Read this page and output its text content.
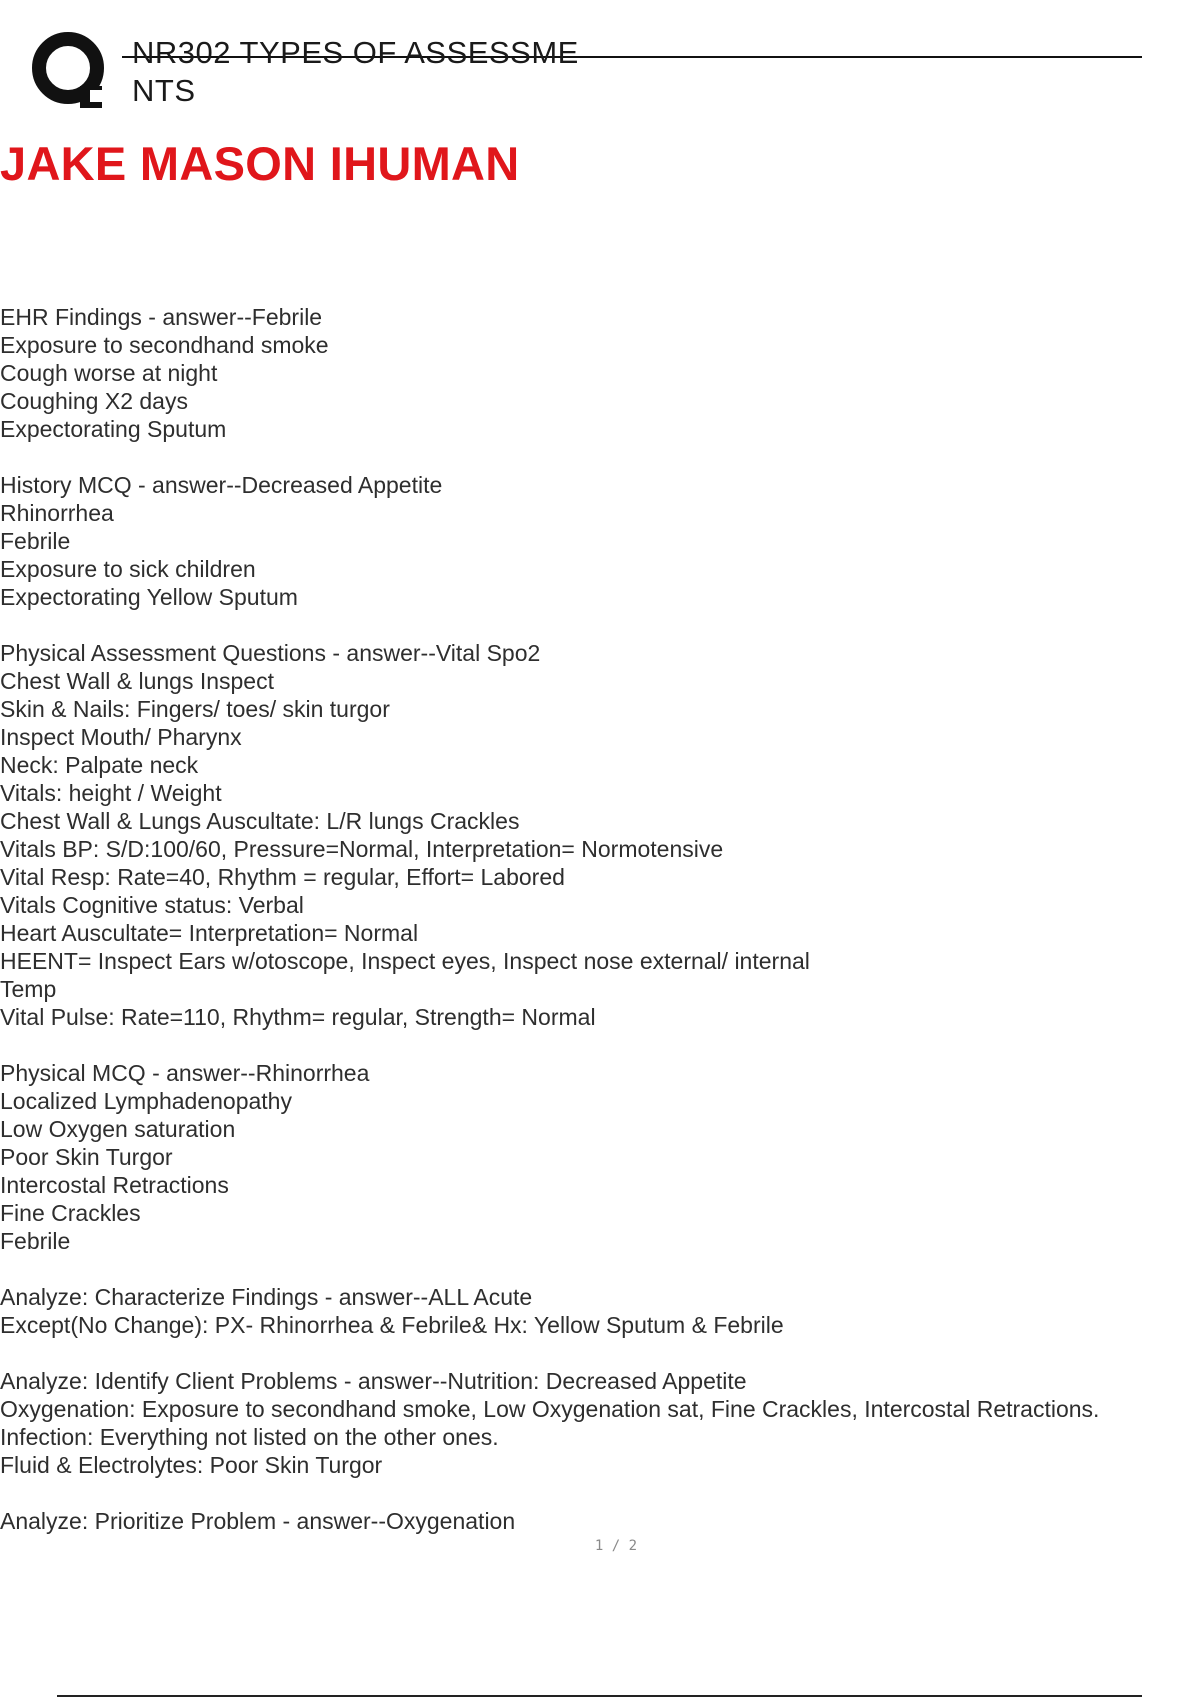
NR302 TYPES OF ASSESSMENTS
JAKE MASON IHUMAN
EHR Findings - answer--Febrile
Exposure to secondhand smoke
Cough worse at night
Coughing X2 days
Expectorating Sputum
History MCQ - answer--Decreased Appetite
Rhinorrhea
Febrile
Exposure to sick children
Expectorating Yellow Sputum
Physical Assessment Questions - answer--Vital Spo2
Chest Wall & lungs Inspect
Skin & Nails: Fingers/ toes/ skin turgor
Inspect Mouth/ Pharynx
Neck: Palpate neck
Vitals: height / Weight
Chest Wall & Lungs Auscultate: L/R lungs Crackles
Vitals BP: S/D:100/60, Pressure=Normal, Interpretation= Normotensive
Vital Resp: Rate=40, Rhythm = regular, Effort= Labored
Vitals Cognitive status: Verbal
Heart Auscultate= Interpretation= Normal
HEENT= Inspect Ears w/otoscope, Inspect eyes, Inspect nose external/ internal
Temp
Vital Pulse: Rate=110, Rhythm= regular, Strength= Normal
Physical MCQ - answer--Rhinorrhea
Localized Lymphadenopathy
Low Oxygen saturation
Poor Skin Turgor
Intercostal Retractions
Fine Crackles
Febrile
Analyze: Characterize Findings - answer--ALL Acute
Except(No Change): PX- Rhinorrhea & Febrile& Hx: Yellow Sputum & Febrile
Analyze: Identify Client Problems - answer--Nutrition: Decreased Appetite
Oxygenation: Exposure to secondhand smoke, Low Oxygenation sat, Fine Crackles, Intercostal Retractions.
Infection: Everything not listed on the other ones.
Fluid & Electrolytes: Poor Skin Turgor
Analyze: Prioritize Problem - answer--Oxygenation
1 / 2
